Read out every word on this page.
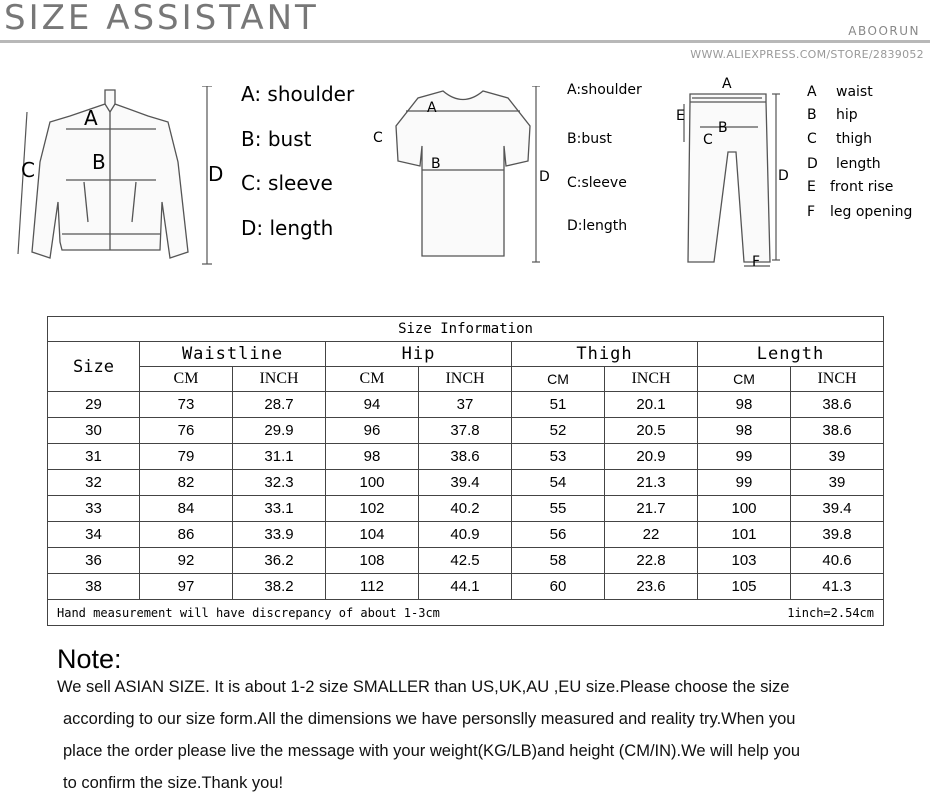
SIZE ASSISTANT	ABOORUN
WWW.ALIEXPRESS.COM/STORE/2839052
A
B
C	D
A: shoulder
B: bust
C: sleeve
D: length
A
B
C
D
A:shoulder
B:bust
C:sleeve
D:length
A
B
C
D
E
F
A waist
B hip
C thigh
D length
E front rise
F leg opening
Size Information								
Size	Waistline		Hip		Thigh		Length	
	CM	INCH	CM	INCH	CM	INCH	CM	INCH
29	73	28.7	94	37	51	20.1	98	38.6
30	76	29.9	96	37.8	52	20.5	98	38.6
31	79	31.1	98	38.6	53	20.9	99	39
32	82	32.3	100	39.4	54	21.3	99	39
33	84	33.1	102	40.2	55	21.7	100	39.4
34	86	33.9	104	40.9	56	22	101	39.8
36	92	36.2	108	42.5	58	22.8	103	40.6
38	97	38.2	112	44.1	60	23.6	105	41.3

Hand measurement will have discrepancy of about 1-3cm 1inch=2.54cm								
Note:
We sell ASIAN SIZE. It is about 1-2 size SMALLER than US,UK,AU ,EU size.Please choose the size
according to our size form.All the dimensions we have personslly measured and reality try.When you
place the order please live the message with your weight(KG/LB)and height (CM/IN).We will help you
to confirm the size.Thank you!
